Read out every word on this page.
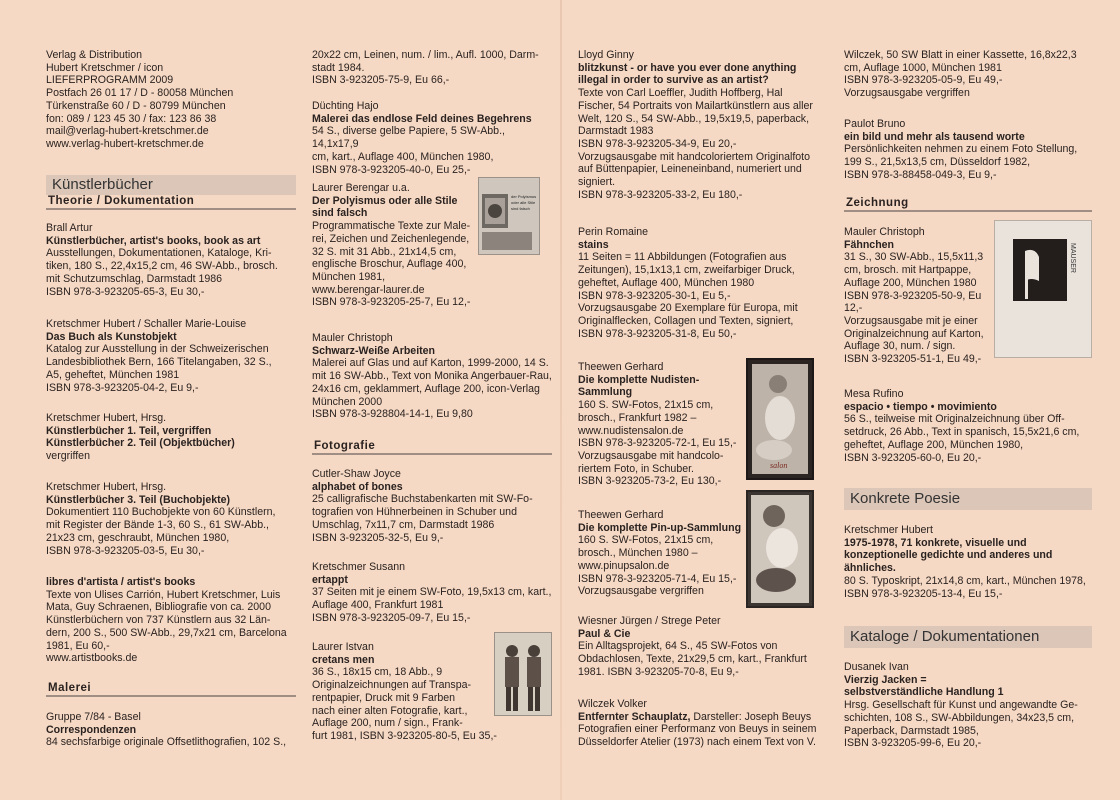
Verlag & Distribution

Hubert Kretschmer / icon

LIEFERPROGRAMM 2009

Postfach 26 01 17 / D - 80058 München

Türkenstraße 60 / D - 80799 München

fon: 089 / 123 45 30 / fax: 123 86 38

mail@verlag-hubert-kretschmer.de

www.verlag-hubert-kretschmer.de

Künstlerbücher
Theorie / Dokumentation

Brall Artur

Künstlerbücher, artist's books, book as art

Ausstellungen, Dokumentationen, Kataloge, Kri-

tiken, 180 S., 22,4x15,2 cm, 46 SW-Abb., brosch.

mit Schutzumschlag, Darmstadt 1986

ISBN 978-3-923205-65-3, Eu 30,-

Kretschmer Hubert / Schaller Marie-Louise

Das Buch als Kunstobjekt

Katalog zur Ausstellung in der Schweizerischen

Landesbibliothek Bern, 166 Titelangaben, 32 S.,

A5, geheftet, München 1981

ISBN 978-3-923205-04-2, Eu 9,-

Kretschmer Hubert, Hrsg.

Künstlerbücher 1. Teil, vergriffen

Künstlerbücher 2. Teil (Objektbücher)

vergriffen

Kretschmer Hubert, Hrsg.

Künstlerbücher 3. Teil (Buchobjekte)

Dokumentiert 110 Buchobjekte von 60 Künstlern,

mit Register der Bände 1-3, 60 S., 61 SW-Abb.,

21x23 cm, geschraubt, München 1980,

ISBN 978-3-923205-03-5, Eu 30,-

libres d'artista / artist's books

Texte von Ulises Carrión, Hubert Kretschmer, Luis

Mata, Guy Schraenen, Bibliografie von ca. 2000

Künstlerbüchern von 737 Künstlern aus 32 Län-

dern, 200 S., 500 SW-Abb., 29,7x21 cm, Barcelona

1981, Eu 60,-

www.artistbooks.de

Malerei

Gruppe 7/84 - Basel

Correspondenzen

84 sechsfarbige originale Offsetlithografien, 102 S.,

20x22 cm, Leinen, num. / lim., Aufl. 1000, Darm-

stadt 1984.

ISBN 3-923205-75-9, Eu 66,-

Düchting Hajo

Malerei das endlose Feld deines Begehrens

54 S., diverse gelbe Papiere, 5 SW-Abb., 14,1x17,9

cm, kart., Auflage 400, München 1980,

ISBN 978-3-923205-40-0, Eu 25,-

der Polyismus
oder alle Stile
sind falsch

Laurer Berengar u.a.

Der Polyismus oder alle Stile

sind falsch

Programmatische Texte zur Male-

rei, Zeichen und Zeichenlegende,

32 S. mit 31 Abb., 21x14,5 cm,

englische Broschur, Auflage 400,

München 1981,

www.berengar-laurer.de

ISBN 978-3-923205-25-7, Eu 12,-

Mauler Christoph

Schwarz-Weiße Arbeiten

Malerei auf Glas und auf Karton, 1999-2000, 14 S.

mit 16 SW-Abb., Text von Monika Angerbauer-Rau,

24x16 cm, geklammert, Auflage 200, icon-Verlag

München 2000

ISBN 978-3-928804-14-1, Eu 9,80

Fotografie

Cutler-Shaw Joyce

alphabet of bones

25 calligrafische Buchstabenkarten mit SW-Fo-

tografien von Hühnerbeinen in Schuber und

Umschlag, 7x11,7 cm, Darmstadt 1986

ISBN 3-923205-32-5, Eu 9,-

Kretschmer Susann

ertappt

37 Seiten mit je einem SW-Foto, 19,5x13 cm, kart.,

Auflage 400, Frankfurt 1981

ISBN 978-3-923205-09-7, Eu 15,-

Laurer Istvan

cretans men

36 S., 18x15 cm, 18 Abb., 9

Originalzeichnungen auf Transpa-

rentpapier, Druck mit 9 Farben

nach einer alten Fotografie, kart.,

Auflage 200, num / sign., Frank-

furt 1981, ISBN 3-923205-80-5, Eu 35,-

Lloyd Ginny

blitzkunst - or have you ever done anything

illegal in order to survive as an artist?

Texte von Carl Loeffler, Judith Hoffberg, Hal

Fischer, 54 Portraits von Mailartkünstlern aus aller

Welt, 120 S., 54 SW-Abb., 19,5x19,5, paperback,

Darmstadt 1983

ISBN 978-3-923205-34-9, Eu 20,-

Vorzugsausgabe mit handcoloriertem Originalfoto

auf Büttenpapier, Leineneinband, numeriert und

signiert.

ISBN 978-3-923205-33-2, Eu 180,-

Perin Romaine

stains

11 Seiten = 11 Abbildungen (Fotografien aus

Zeitungen), 15,1x13,1 cm, zweifarbiger Druck,

geheftet, Auflage 400, München 1980

ISBN 978-3-923205-30-1, Eu 5,-

Vorzugsausgabe 20 Exemplare für Europa, mit

Originalflecken, Collagen und Texten, signiert,

ISBN 978-3-923205-31-8, Eu 50,-

salon

Theewen Gerhard

Die komplette Nudisten-

Sammlung

160 S. SW-Fotos, 21x15 cm,

brosch., Frankfurt 1982 –

www.nudistensalon.de

ISBN 978-3-923205-72-1, Eu 15,-

Vorzugsausgabe mit handcolo-

riertem Foto, in Schuber.

ISBN 3-923205-73-2, Eu 130,-

Theewen Gerhard

Die komplette Pin-up-Sammlung

160 S. SW-Fotos, 21x15 cm,

brosch., München 1980 –

www.pinupsalon.de

ISBN 978-3-923205-71-4, Eu 15,-

Vorzugsausgabe vergriffen

Wiesner Jürgen / Strege Peter

Paul & Cie

Ein Alltagsprojekt, 64 S., 45 SW-Fotos von

Obdachlosen, Texte, 21x29,5 cm, kart., Frankfurt

1981. ISBN 3-923205-70-8, Eu 9,-

Wilczek Volker

Entfernter Schauplatz, Darsteller: Joseph Beuys

Fotografien einer Performanz von Beuys in seinem

Düsseldorfer Atelier (1973) nach einem Text von V.

Wilczek, 50 SW Blatt in einer Kassette, 16,8x22,3

cm, Auflage 1000, München 1981

ISBN 978-3-923205-05-9, Eu 49,-

Vorzugsausgabe vergriffen

Paulot Bruno

ein bild und mehr als tausend worte

Persönlichkeiten nehmen zu einem Foto Stellung,

199 S., 21,5x13,5 cm, Düsseldorf 1982,

ISBN 978-3-88458-049-3, Eu 9,-

Zeichnung
MAUSER

Mauler Christoph

Fähnchen

31 S., 30 SW-Abb., 15,5x11,3

cm, brosch. mit Hartpappe,

Auflage 200, München 1980

ISBN 978-3-923205-50-9, Eu

12,-

Vorzugsausgabe mit je einer

Originalzeichnung auf Karton,

Auflage 30, num. / sign.

ISBN 3-923205-51-1, Eu 49,-

Mesa Rufino

espacio • tiempo • movimiento

56 S., teilweise mit Originalzeichnung über Off-

setdruck, 26 Abb., Text in spanisch, 15,5x21,6 cm,

geheftet, Auflage 200, München 1980,

ISBN 3-923205-60-0, Eu 20,-

Konkrete Poesie

Kretschmer Hubert

1975-1978, 71 konkrete, visuelle und

konzeptionelle gedichte und anderes und

ähnliches.

80 S. Typoskript, 21x14,8 cm, kart., München 1978,

ISBN 978-3-923205-13-4, Eu 15,-

Kataloge / Dokumentationen

Dusanek Ivan

Vierzig Jacken =

selbstverständliche Handlung 1

Hrsg. Gesellschaft für Kunst und angewandte Ge-

schichten, 108 S., SW-Abbildungen, 34x23,5 cm,

Paperback, Darmstadt 1985,

ISBN 3-923205-99-6, Eu 20,-
